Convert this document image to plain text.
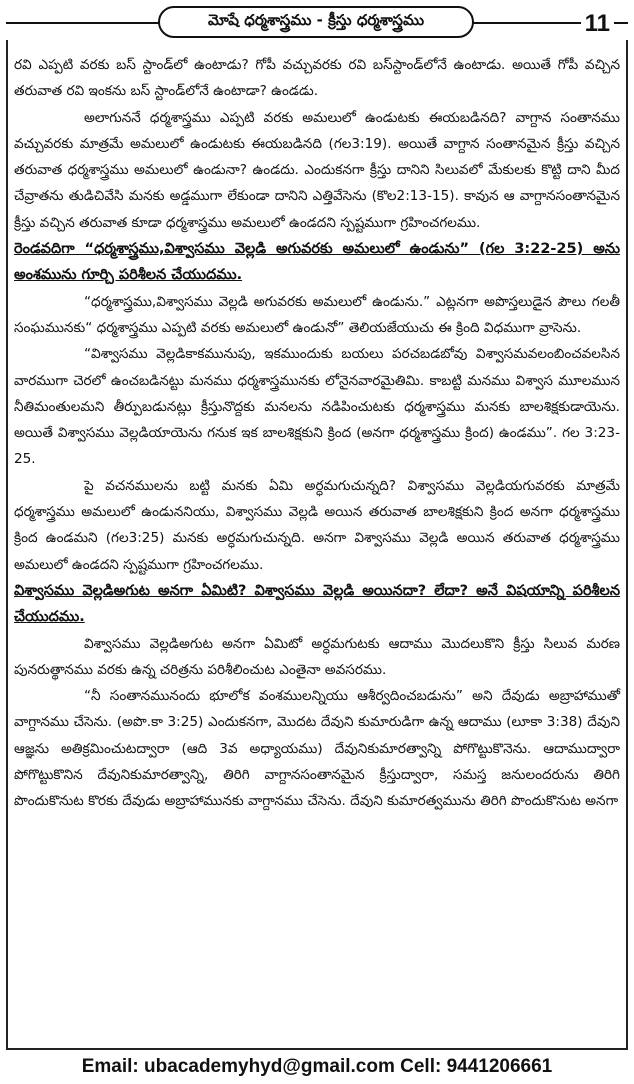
మోషే ధర్మశాస్త్రము - క్రీస్తు ధర్మశాస్త్రము	11

రవి ఎప్పటి వరకు బస్ స్టాండ్‌లో ఉంటాడు? గోపీ వచ్చువరకు రవి బస్‌స్టాండ్‌లోనే ఉంటాడు. అయితే గోపీ వచ్చిన తరువాత రవి ఇంకను బస్ స్టాండ్‌లోనే ఉంటాడా? ఉండడు.

అలాగుననే ధర్మశాస్త్రము ఎప్పటి వరకు అమలులో ఉండుటకు ఈయబడినది? వాగ్దాన సంతానము వచ్చువరకు మాత్రమే అమలులో ఉండుటకు ఈయబడినది (గల3:19). అయితే వాగ్దాన సంతానమైన క్రీస్తు వచ్చిన తరువాత ధర్మశాస్త్రము అమలులో ఉండునా? ఉండదు. ఎందుకనగా క్రీస్తు దానిని సిలువలో మేకులకు కొట్టి దాని మీద చేవ్రాతను తుడిచివేసి మనకు అడ్డముగా లేకుండా దానిని ఎత్తివేసెను (కొల2:13-15). కావున ఆ వాగ్దానసంతానమైన క్రీస్తు వచ్చిన తరువాత కూడా ధర్మశాస్త్రము అమలులో ఉండదని స్పష్టముగా గ్రహించగలము.

రెండవదిగా “ధర్మశాస్త్రము,విశ్వాసము వెల్లడి అగువరకు అమలులో ఉండును” (గల 3:22-25) అను అంశమును గూర్చి పరిశీలన చేయుదము.

“ధర్మశాస్త్రము,విశ్వాసము వెల్లడి అగువరకు అమలులో ఉండును.” ఎట్లనగా అపొస్తలుడైన పౌలు గలతీ సంఘమునకు“ ధర్మశాస్త్రము ఎప్పటి వరకు అమలులో ఉండునో” తెలియజేయుచు ఈ క్రింది విధముగా వ్రాసెను.

“విశ్వాసము వెల్లడికాకమునుపు, ఇకముందుకు బయలు పరచబడబోవు విశ్వాసమవలంబించవలసిన వారముగా చెరలో ఉంచబడినట్టు మనము ధర్మశాస్త్రమునకు లోనైనవారమైతిమి. కాబట్టి మనము విశ్వాస మూలమున నీతిమంతులమని తీర్పుబడునట్లు క్రీస్తునొద్దకు మనలను నడిపించుటకు ధర్మశాస్త్రము మనకు బాలశిక్షకుడాయెను. అయితే విశ్వాసము వెల్లడియాయెను గనుక ఇక బాలశిక్షకుని క్రింద (అనగా ధర్మశాస్త్రము క్రింద) ఉండము”. గల 3:23-25.

పై వచనములను బట్టి మనకు ఏమి అర్ధమగుచున్నది? విశ్వాసము వెల్లడియగువరకు మాత్రమే ధర్మశాస్త్రము అమలులో ఉండుననియు, విశ్వాసము వెల్లడి అయిన తరువాత బాలశిక్షకుని క్రింద అనగా ధర్మశాస్త్రము క్రింద ఉండమని (గల3:25) మనకు అర్ధమగుచున్నది. అనగా విశ్వాసము వెల్లడి అయిన తరువాత ధర్మశాస్త్రము అమలులో ఉండదని స్పష్టముగా గ్రహించగలము.

విశ్వాసము వెల్లడిఅగుట అనగా ఏమిటి? విశ్వాసము వెల్లడి అయినదా? లేదా? అనే విషయాన్ని పరిశీలన చేయుదము.

విశ్వాసము వెల్లడిఅగుట అనగా ఏమిటో అర్ధమగుటకు ఆదాము మొదలుకొని క్రీస్తు సిలువ మరణ పునరుత్థానము వరకు ఉన్న చరిత్రను పరిశీలించుట ఎంతైనా అవసరము.

“నీ సంతానమునందు భూలోక వంశములన్నియు ఆశీర్వదించబడును” అని దేవుడు అబ్రాహాముతో వాగ్దానము చేసెను. (అపొ.కా 3:25) ఎందుకనగా, మొదట దేవుని కుమారుడిగా ఉన్న ఆదాము (లూకా 3:38) దేవుని ఆజ్ఞను అతిక్రమించుటద్వారా (ఆది 3వ అధ్యాయము) దేవునికుమారత్వాన్ని పోగొట్టుకొనెను. ఆదాముద్వారా పోగొట్టుకొనిన దేవునికుమారత్వాన్ని, తిరిగి వాగ్దానసంతానమైన క్రీస్తుద్వారా, సమస్త జనులందరును తిరిగి పొందుకొనుట కొరకు దేవుడు అబ్రాహామునకు వాగ్దానము చేసెను. దేవుని కుమారత్వమును తిరిగి పొందుకొనుట అనగా

Email: ubacademyhyd@gmail.com Cell: 9441206661
